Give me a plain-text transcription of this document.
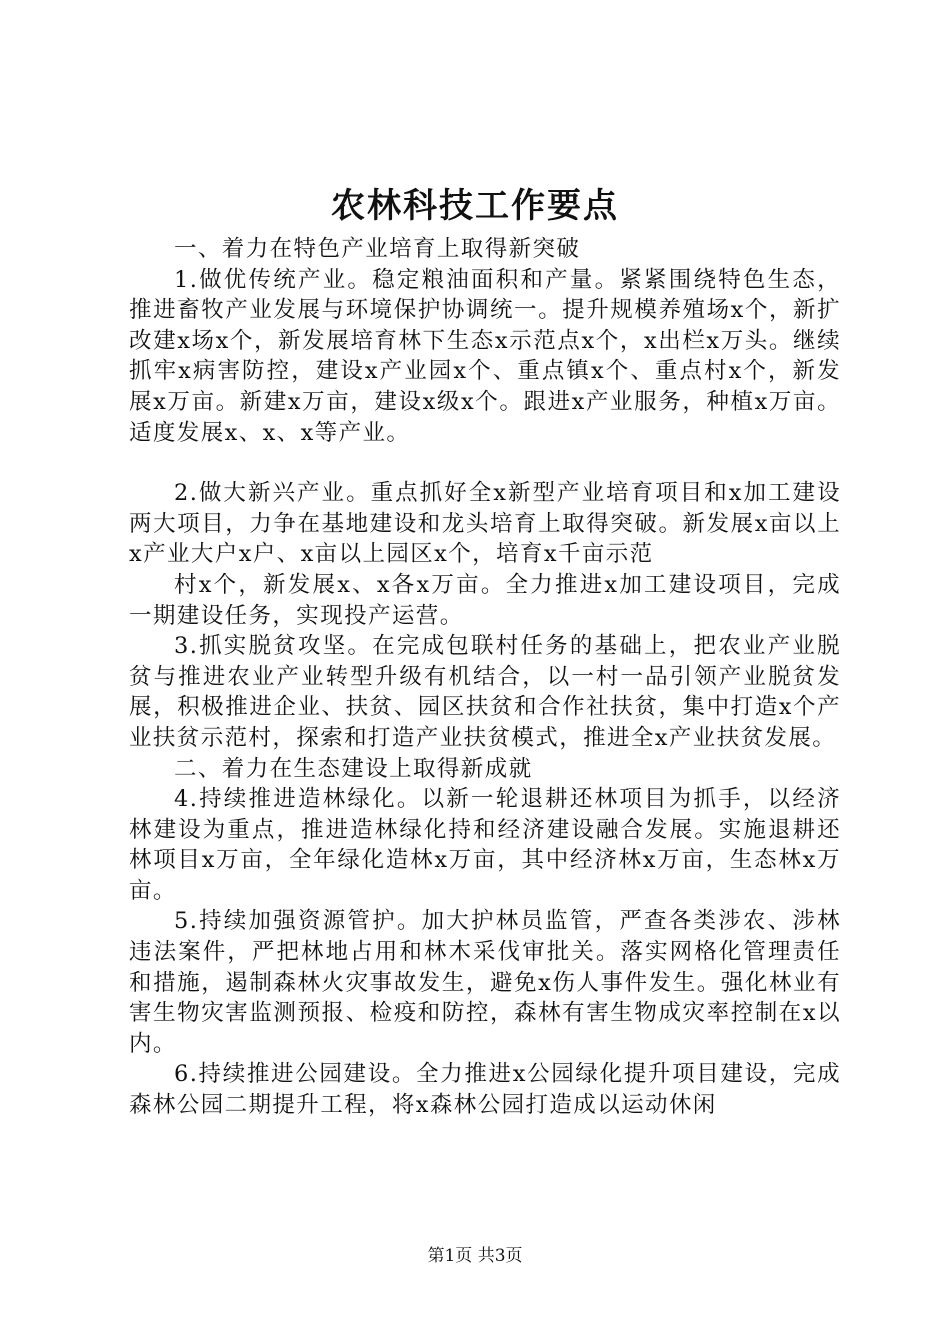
农林科技工作要点

一、着力在特色产业培育上取得新突破

1.做优传统产业。稳定粮油面积和产量。紧紧围绕特色生态，推进畜牧产业发展与环境保护协调统一。提升规模养殖场x个，新扩改建x场x个，新发展培育林下生态x示范点x个，x出栏x万头。继续抓牢x病害防控，建设x产业园x个、重点镇x个、重点村x个，新发展x万亩。新建x万亩，建设x级x个。跟进x产业服务，种植x万亩。适度发展x、x、x等产业。

2.做大新兴产业。重点抓好全x新型产业培育项目和x加工建设两大项目，力争在基地建设和龙头培育上取得突破。新发展x亩以上x产业大户x户、x亩以上园区x个，培育x千亩示范

村x个，新发展x、x各x万亩。全力推进x加工建设项目，完成一期建设任务，实现投产运营。

3.抓实脱贫攻坚。在完成包联村任务的基础上，把农业产业脱贫与推进农业产业转型升级有机结合，以一村一品引领产业脱贫发展，积极推进企业、扶贫、园区扶贫和合作社扶贫，集中打造x个产业扶贫示范村，探索和打造产业扶贫模式，推进全x产业扶贫发展。

二、着力在生态建设上取得新成就

4.持续推进造林绿化。以新一轮退耕还林项目为抓手，以经济林建设为重点，推进造林绿化持和经济建设融合发展。实施退耕还林项目x万亩，全年绿化造林x万亩，其中经济林x万亩，生态林x万亩。

5.持续加强资源管护。加大护林员监管，严查各类涉农、涉林违法案件，严把林地占用和林木采伐审批关。落实网格化管理责任和措施，遏制森林火灾事故发生，避免x伤人事件发生。强化林业有害生物灾害监测预报、检疫和防控，森林有害生物成灾率控制在x以内。

6.持续推进公园建设。全力推进x公园绿化提升项目建设，完成森林公园二期提升工程，将x森林公园打造成以运动休闲

第1页 共3页
